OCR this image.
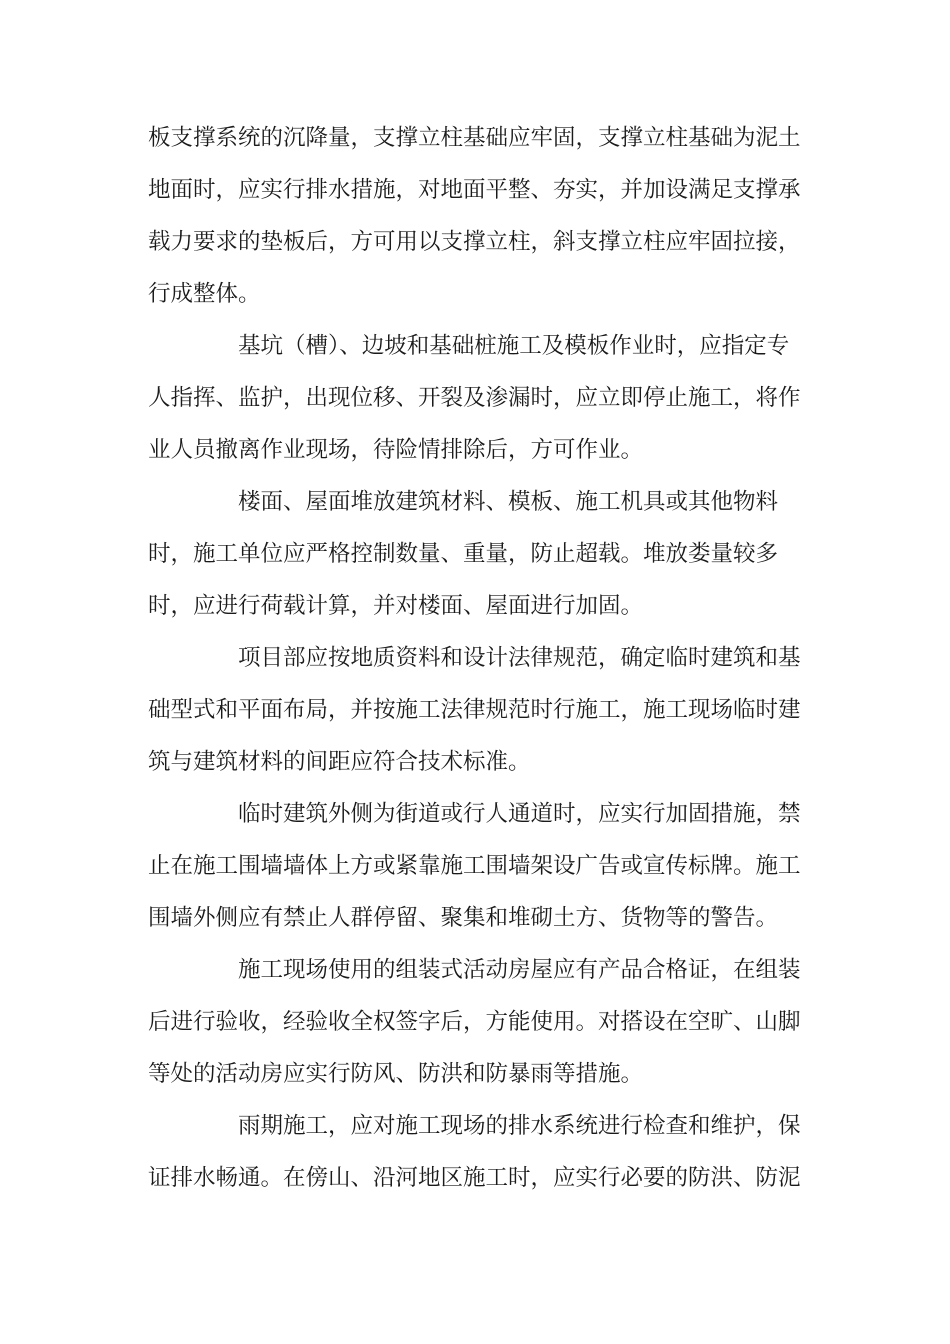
板支撑系统的沉降量，支撑立柱基础应牢固，支撑立柱基础为泥土
地面时，应实行排水措施，对地面平整、夯实，并加设满足支撑承
载力要求的垫板后，方可用以支撑立柱，斜支撑立柱应牢固拉接，
行成整体。
　　　　基坑（槽）、边坡和基础桩施工及模板作业时，应指定专
人指挥、监护，出现位移、开裂及渗漏时，应立即停止施工，将作
业人员撤离作业现场，待险情排除后，方可作业。
　　　　楼面、屋面堆放建筑材料、模板、施工机具或其他物料
时，施工单位应严格控制数量、重量，防止超载。堆放娄量较多
时，应进行荷载计算，并对楼面、屋面进行加固。
　　　　项目部应按地质资料和设计法律规范，确定临时建筑和基
础型式和平面布局，并按施工法律规范时行施工，施工现场临时建
筑与建筑材料的间距应符合技术标准。
　　　　临时建筑外侧为街道或行人通道时，应实行加固措施，禁
止在施工围墙墙体上方或紧靠施工围墙架设广告或宣传标牌。施工
围墙外侧应有禁止人群停留、聚集和堆砌土方、货物等的警告。
　　　　施工现场使用的组装式活动房屋应有产品合格证，在组装
后进行验收，经验收全权签字后，方能使用。对搭设在空旷、山脚
等处的活动房应实行防风、防洪和防暴雨等措施。
　　　　雨期施工，应对施工现场的排水系统进行检查和维护，保
证排水畅通。在傍山、沿河地区施工时，应实行必要的防洪、防泥
